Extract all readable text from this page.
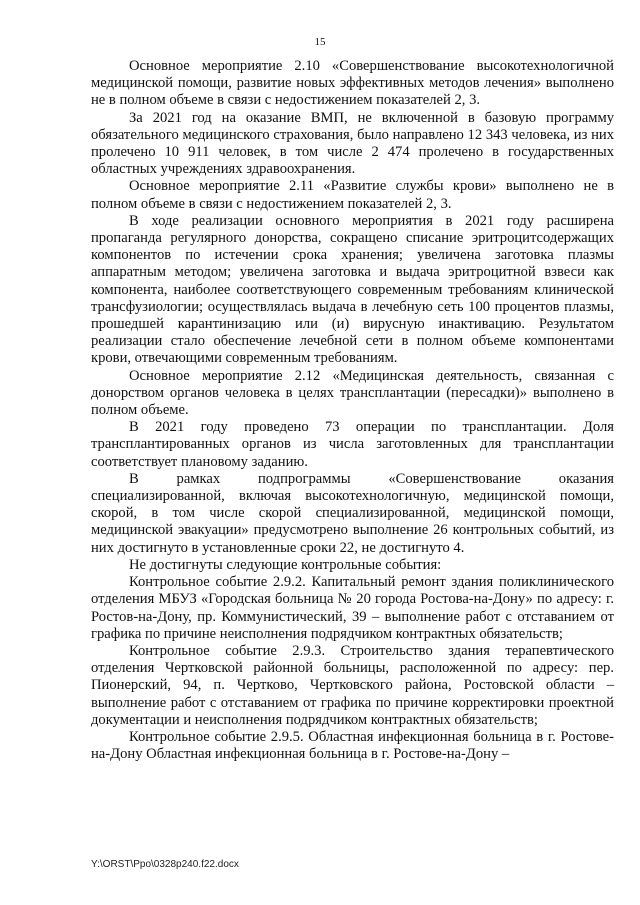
15

Основное мероприятие 2.10 «Совершенствование высокотехнологичной медицинской помощи, развитие новых эффективных методов лечения» выполнено не в полном объеме в связи с недостижением показателей 2, 3.

За 2021 год на оказание ВМП, не включенной в базовую программу обязательного медицинского страхования, было направлено 12 343 человека, из них пролечено 10 911 человек, в том числе 2 474 пролечено в государственных областных учреждениях здравоохранения.

Основное мероприятие 2.11 «Развитие службы крови» выполнено не в полном объеме в связи с недостижением показателей 2, 3.

В ходе реализации основного мероприятия в 2021 году расширена пропаганда регулярного донорства, сокращено списание эритроцитсодержащих компонентов по истечении срока хранения; увеличена заготовка плазмы аппаратным методом; увеличена заготовка и выдача эритроцитной взвеси как компонента, наиболее соответствующего современным требованиям клинической трансфузиологии; осуществлялась выдача в лечебную сеть 100 процентов плазмы, прошедшей карантинизацию или (и) вирусную инактивацию. Результатом реализации стало обеспечение лечебной сети в полном объеме компонентами крови, отвечающими современным требованиям.

Основное мероприятие 2.12 «Медицинская деятельность, связанная с донорством органов человека в целях трансплантации (пересадки)» выполнено в полном объеме.

В 2021 году проведено 73 операции по трансплантации. Доля трансплантированных органов из числа заготовленных для трансплантации соответствует плановому заданию.

В рамках подпрограммы «Совершенствование оказания специализированной, включая высокотехнологичную, медицинской помощи, скорой, в том числе скорой специализированной, медицинской помощи, медицинской эвакуации» предусмотрено выполнение 26 контрольных событий, из них достигнуто в установленные сроки 22, не достигнуто 4.

Не достигнуты следующие контрольные события:

Контрольное событие 2.9.2. Капитальный ремонт здания поликлинического отделения МБУЗ «Городская больница № 20 города Ростова-на-Дону» по адресу: г. Ростов-на-Дону, пр. Коммунистический, 39 – выполнение работ с отставанием от графика по причине неисполнения подрядчиком контрактных обязательств;

Контрольное событие 2.9.3. Строительство здания терапевтического отделения Чертковской районной больницы, расположенной по адресу: пер. Пионерский, 94, п. Чертково, Чертковского района, Ростовской области – выполнение работ с отставанием от графика по причине корректировки проектной документации и неисполнения подрядчиком контрактных обязательств;

Контрольное событие 2.9.5. Областная инфекционная больница в г. Ростове-на-Дону Областная инфекционная больница в г. Ростове-на-Дону –

Y:\ORST\Ppo\0328p240.f22.docx
